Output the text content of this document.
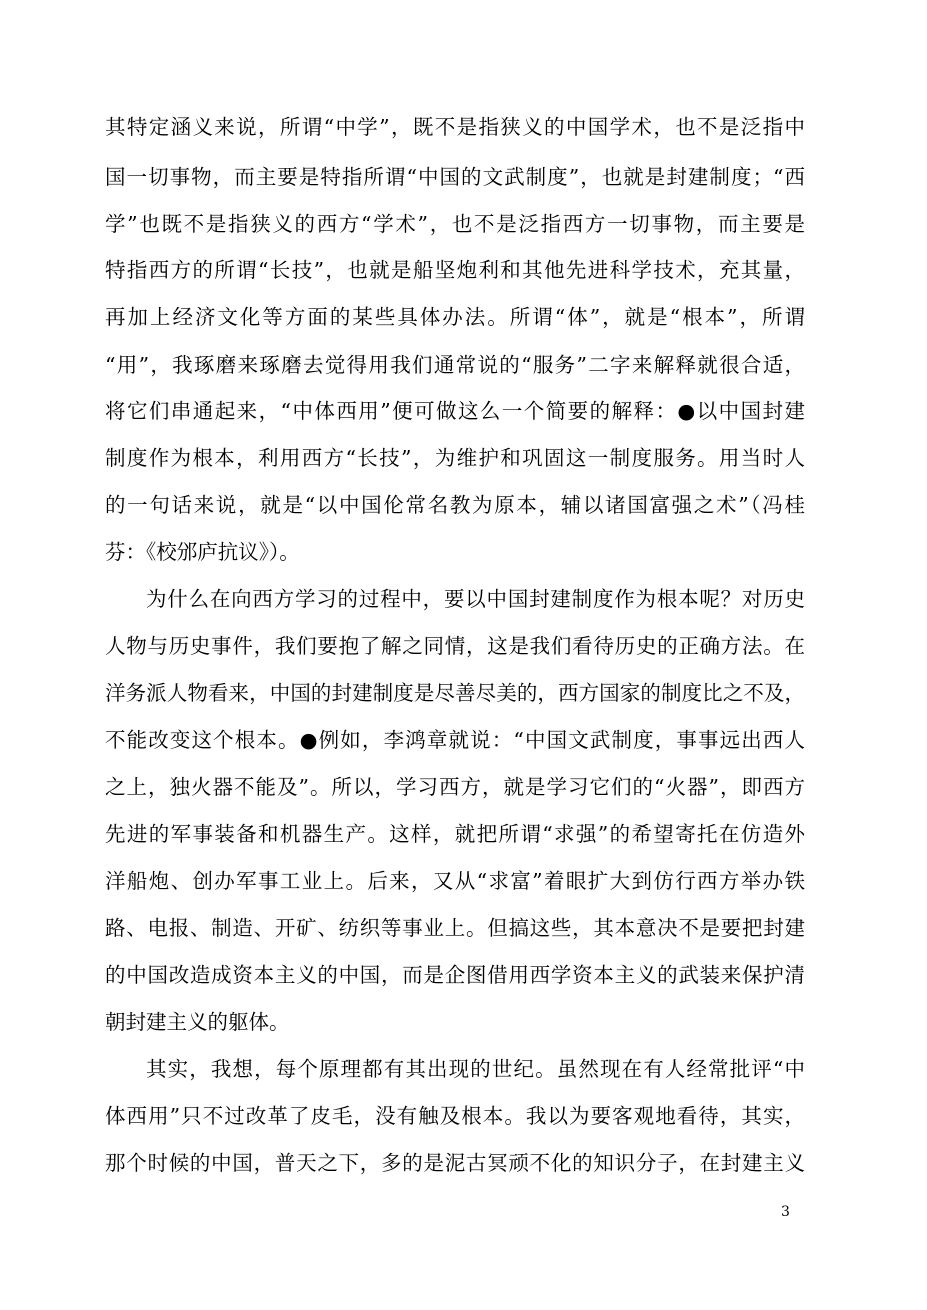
其特定涵义来说，所谓“中学”，既不是指狭义的中国学术，也不是泛指中
国一切事物，而主要是特指所谓“中国的文武制度”，也就是封建制度；“西
学”也既不是指狭义的西方“学术”，也不是泛指西方一切事物，而主要是
特指西方的所谓“长技”，也就是船坚炮利和其他先进科学技术，充其量，
再加上经济文化等方面的某些具体办法。所谓“体”，就是“根本”，所谓
“用”，我琢磨来琢磨去觉得用我们通常说的“服务”二字来解释就很合适，
将它们串通起来，“中体西用”便可做这么一个简要的解释：●以中国封建
制度作为根本，利用西方“长技”，为维护和巩固这一制度服务。用当时人
的一句话来说，就是“以中国伦常名教为原本，辅以诸国富强之术”（冯桂
芬：《校邠庐抗议》）。
为什么在向西方学习的过程中，要以中国封建制度作为根本呢？对历史
人物与历史事件，我们要抱了解之同情，这是我们看待历史的正确方法。在
洋务派人物看来，中国的封建制度是尽善尽美的，西方国家的制度比之不及，
不能改变这个根本。●例如，李鸿章就说：“中国文武制度，事事远出西人
之上，独火器不能及”。所以，学习西方，就是学习它们的“火器”，即西方
先进的军事装备和机器生产。这样，就把所谓“求强”的希望寄托在仿造外
洋船炮、创办军事工业上。后来，又从“求富”着眼扩大到仿行西方举办铁
路、电报、制造、开矿、纺织等事业上。但搞这些，其本意决不是要把封建
的中国改造成资本主义的中国，而是企图借用西学资本主义的武装来保护清
朝封建主义的躯体。
其实，我想，每个原理都有其出现的世纪。虽然现在有人经常批评“中
体西用”只不过改革了皮毛，没有触及根本。我以为要客观地看待，其实，
那个时候的中国，普天之下，多的是泥古冥顽不化的知识分子，在封建主义
3
